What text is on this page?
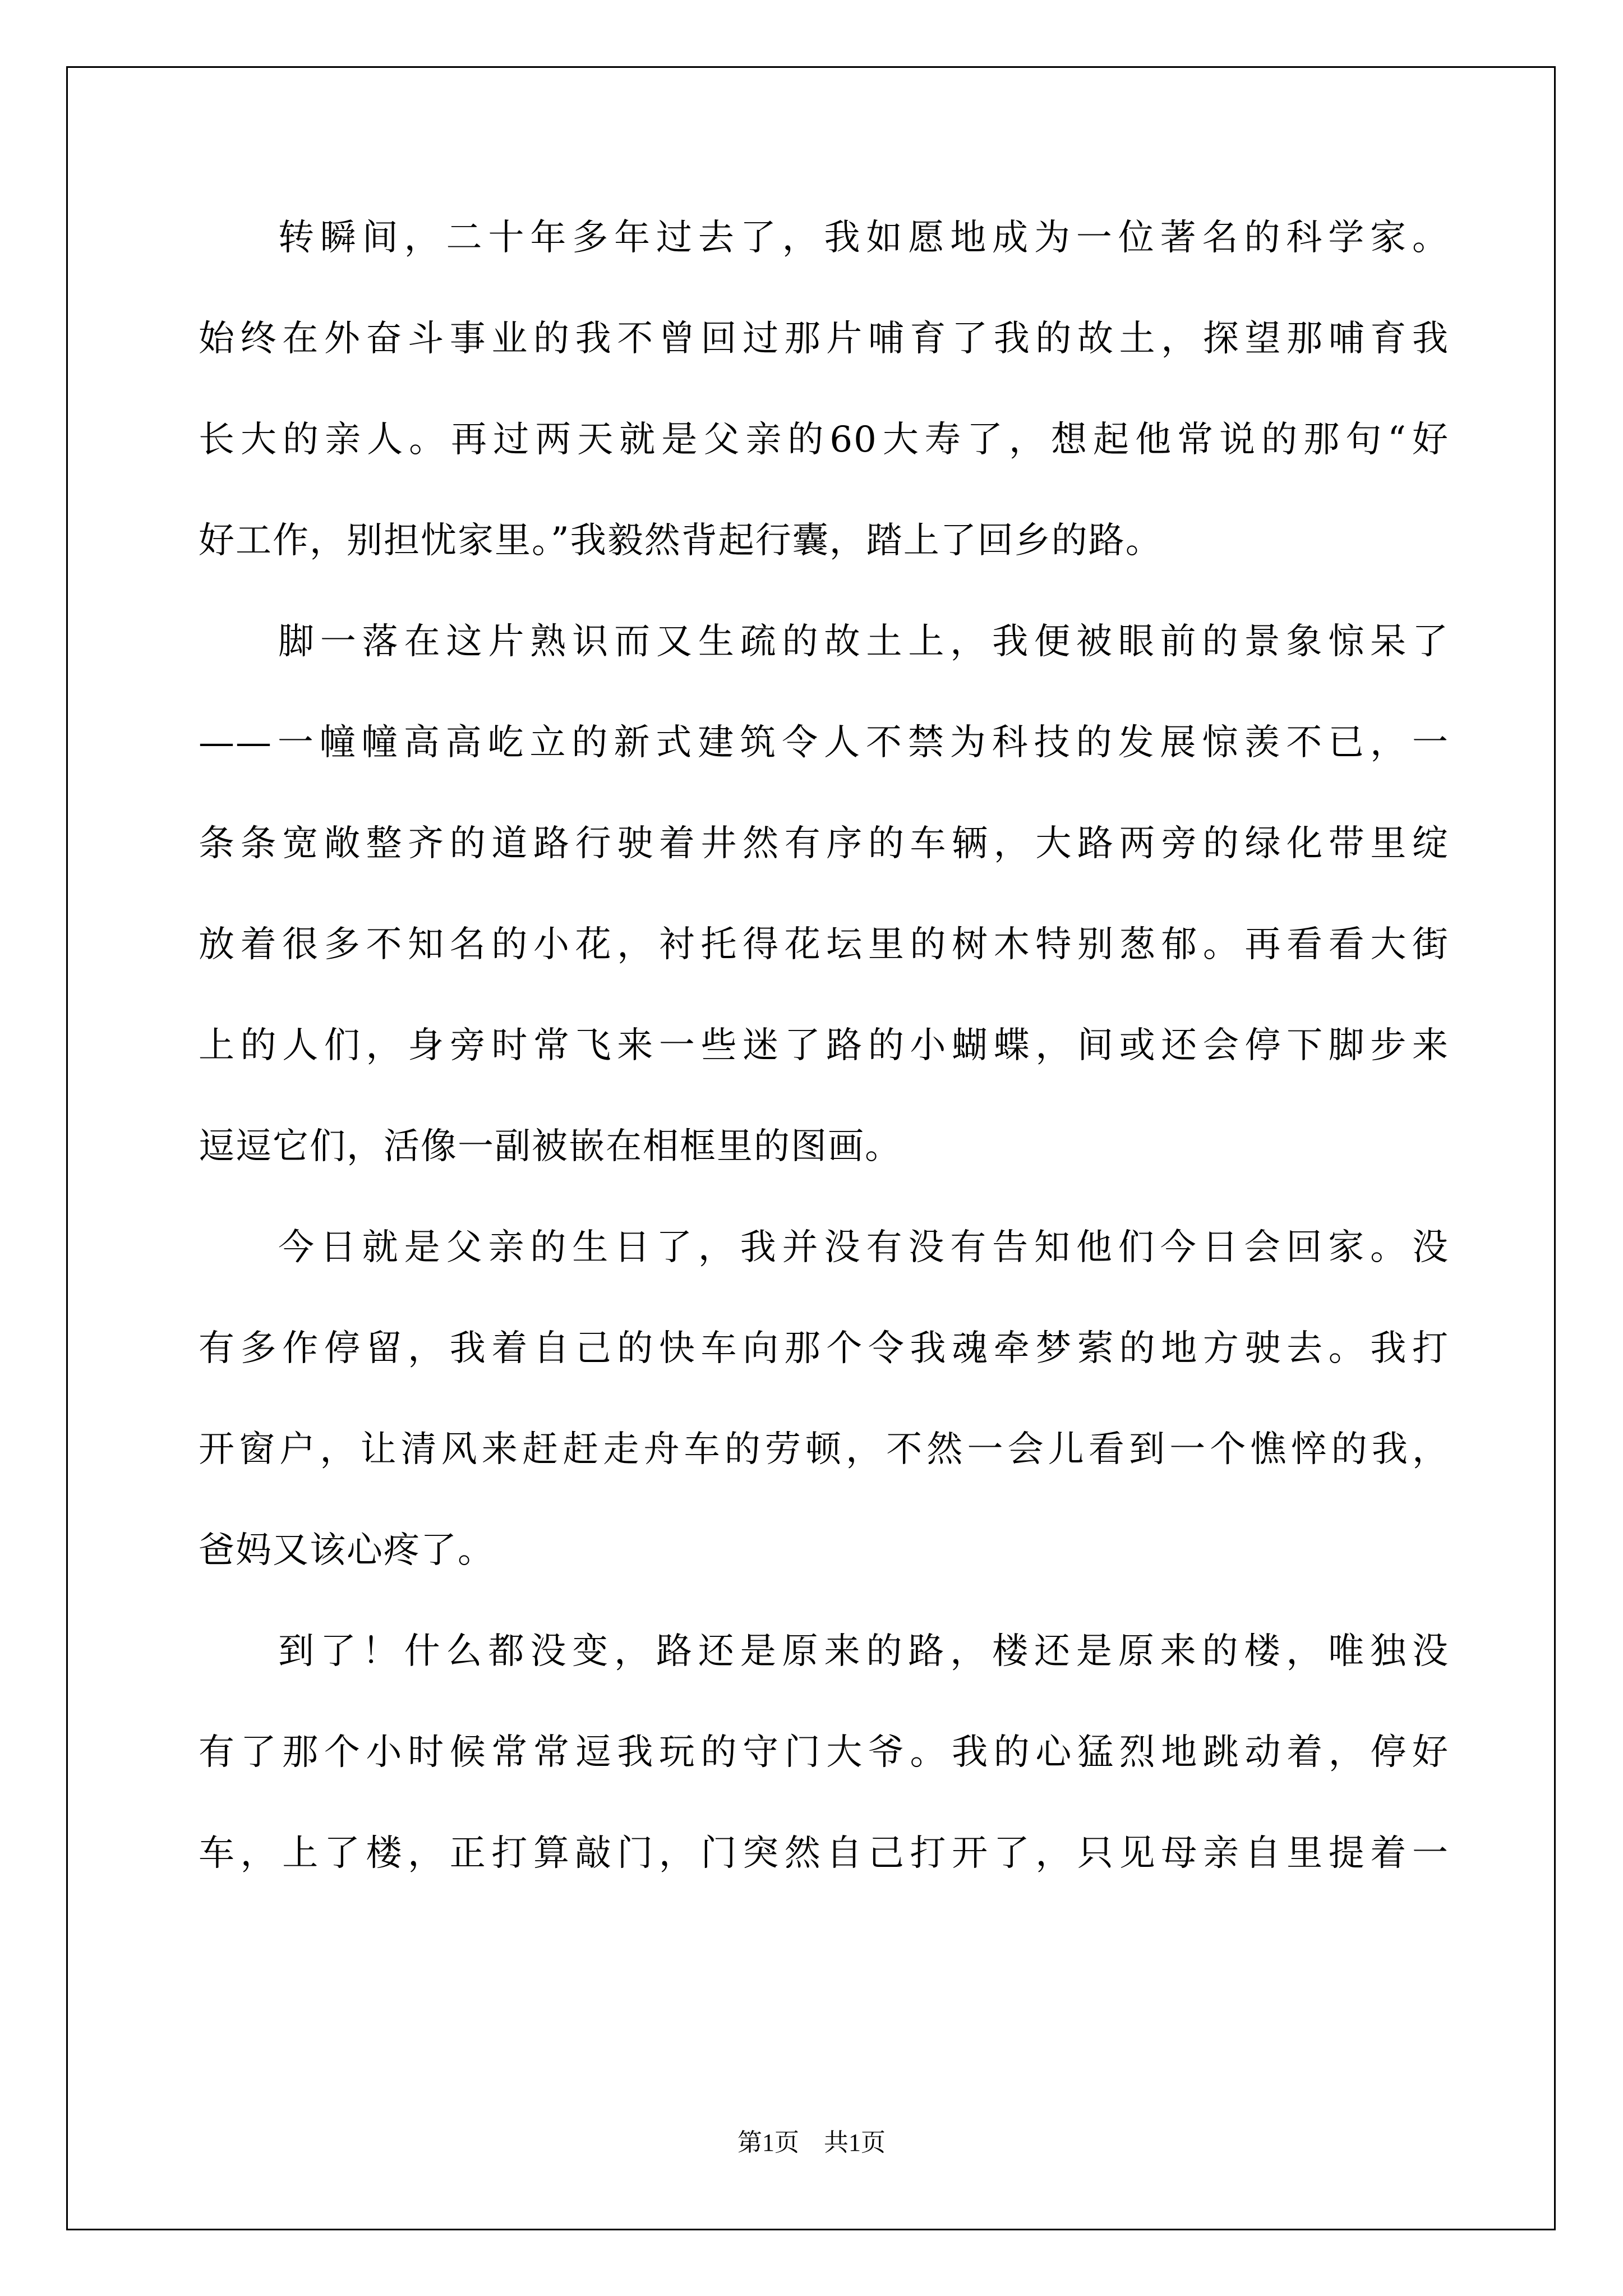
转瞬间，二十年多年过去了，我如愿地成为一位著名的科学家。
始终在外奋斗事业的我不曾回过那片哺育了我的故土，探望那哺育我
长大的亲人。再过两天就是父亲的60大寿了，想起他常说的那句“好
好工作，别担忧家里。”我毅然背起行囊，踏上了回乡的路。
脚一落在这片熟识而又生疏的故土上，我便被眼前的景象惊呆了
——一幢幢高高屹立的新式建筑令人不禁为科技的发展惊羡不已，一
条条宽敞整齐的道路行驶着井然有序的车辆，大路两旁的绿化带里绽
放着很多不知名的小花，衬托得花坛里的树木特别葱郁。再看看大街
上的人们，身旁时常飞来一些迷了路的小蝴蝶，间或还会停下脚步来
逗逗它们，活像一副被嵌在相框里的图画。
今日就是父亲的生日了，我并没有没有告知他们今日会回家。没
有多作停留，我着自己的快车向那个令我魂牵梦萦的地方驶去。我打
开窗户，让清风来赶赶走舟车的劳顿，不然一会儿看到一个憔悴的我，
爸妈又该心疼了。
到了！什么都没变，路还是原来的路，楼还是原来的楼，唯独没
有了那个小时候常常逗我玩的守门大爷。我的心猛烈地跳动着，停好
车，上了楼，正打算敲门，门突然自己打开了，只见母亲自里提着一
第1页 共1页
